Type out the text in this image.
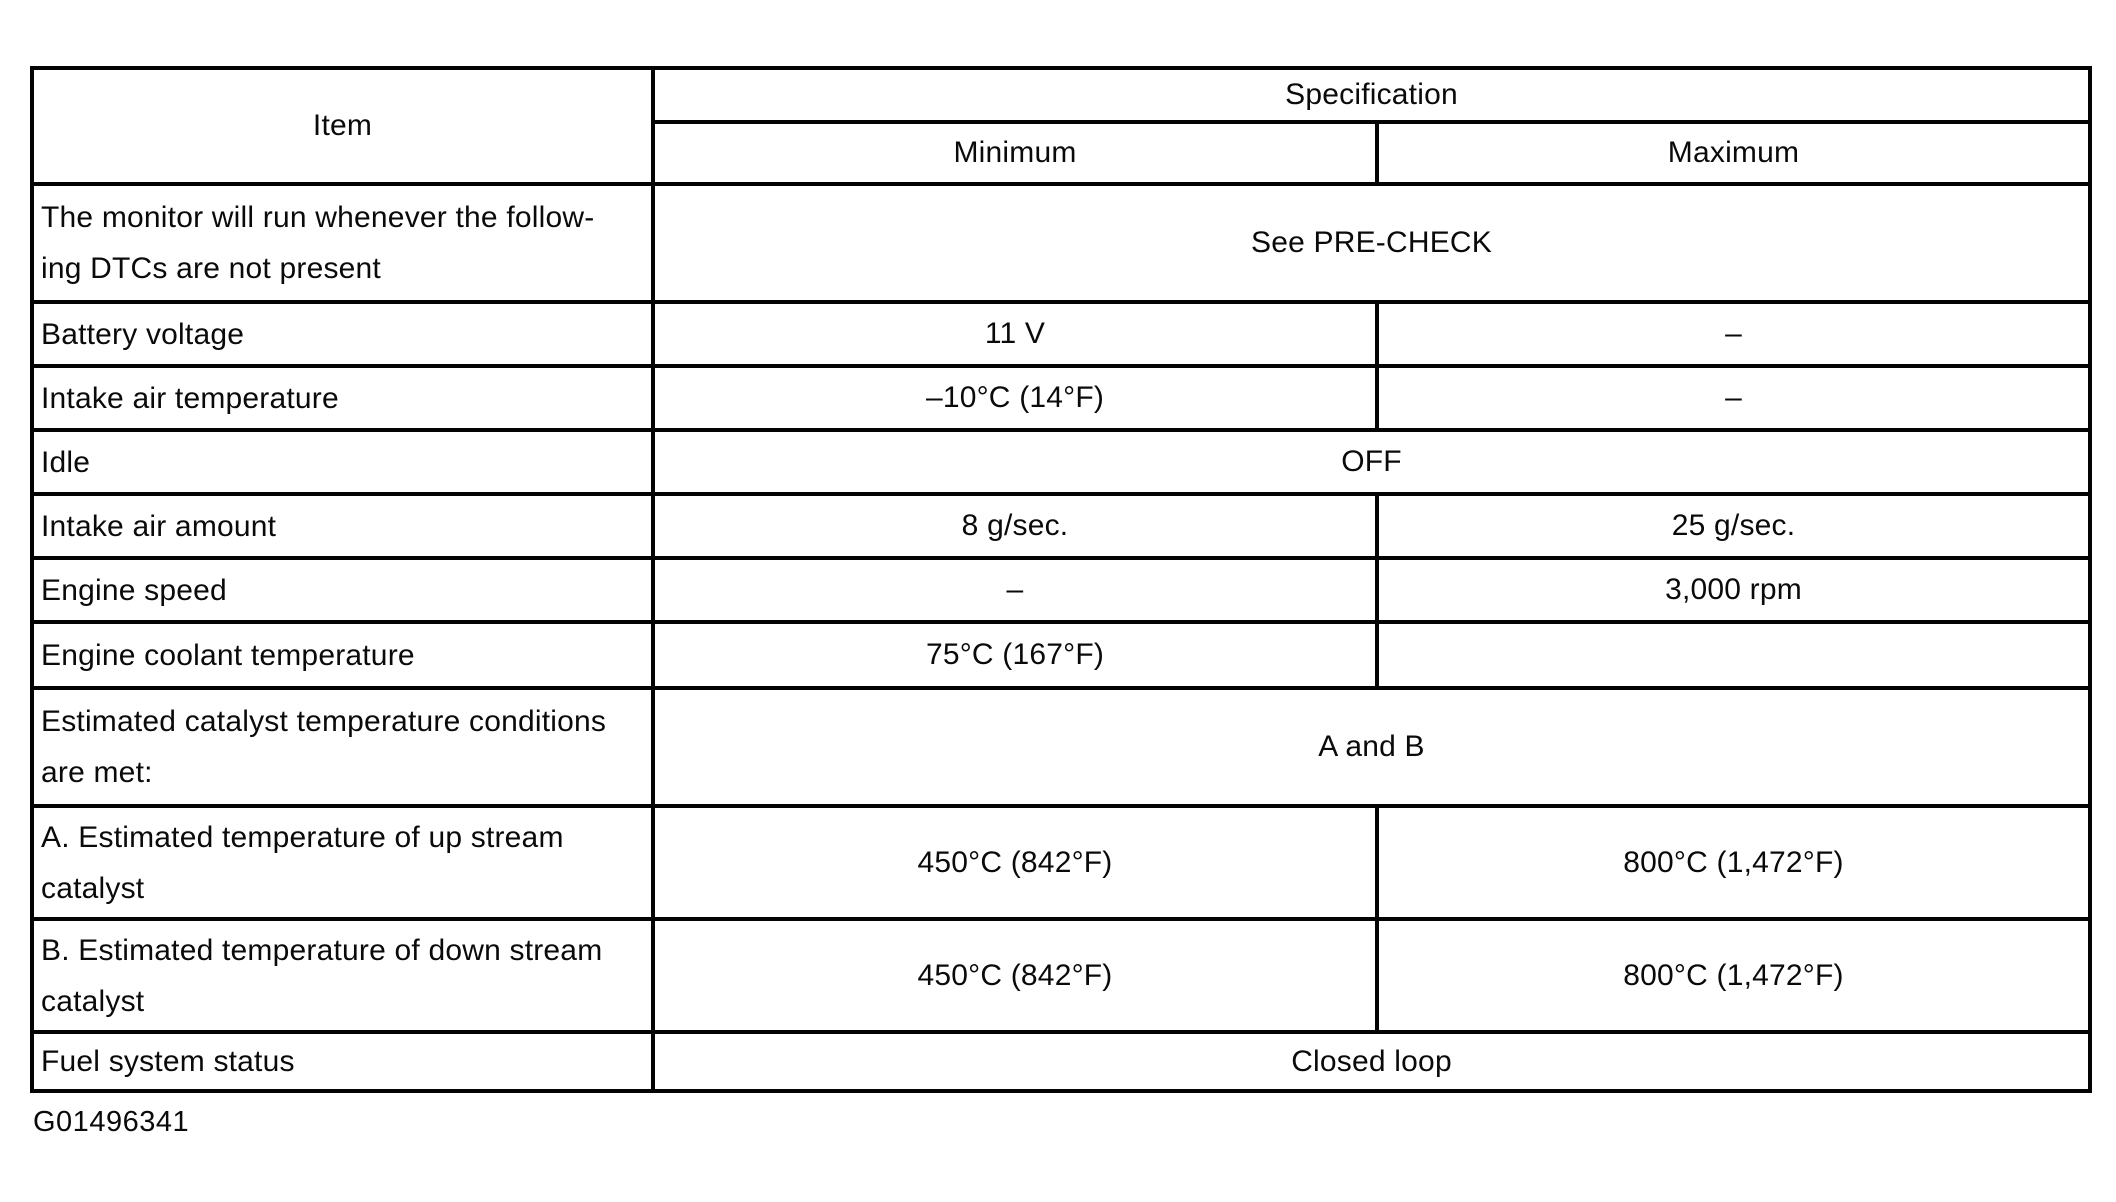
Item	Specification	
	Minimum	Maximum

The monitor will run whenever the follow-
ing DTCs are not present	See PRE-CHECK	

Battery voltage	11 V	–

Intake air temperature	–10°C (14°F)	–

Idle	OFF	

Intake air amount	8 g/sec.	25 g/sec.

Engine speed	–	3,000 rpm

Engine coolant temperature	75°C (167°F)	

Estimated catalyst temperature conditions
are met:	A and B	

A. Estimated temperature of up stream
catalyst	450°C (842°F)	800°C (1,472°F)

B. Estimated temperature of down stream
catalyst	450°C (842°F)	800°C (1,472°F)

Fuel system status	Closed loop	
G01496341
